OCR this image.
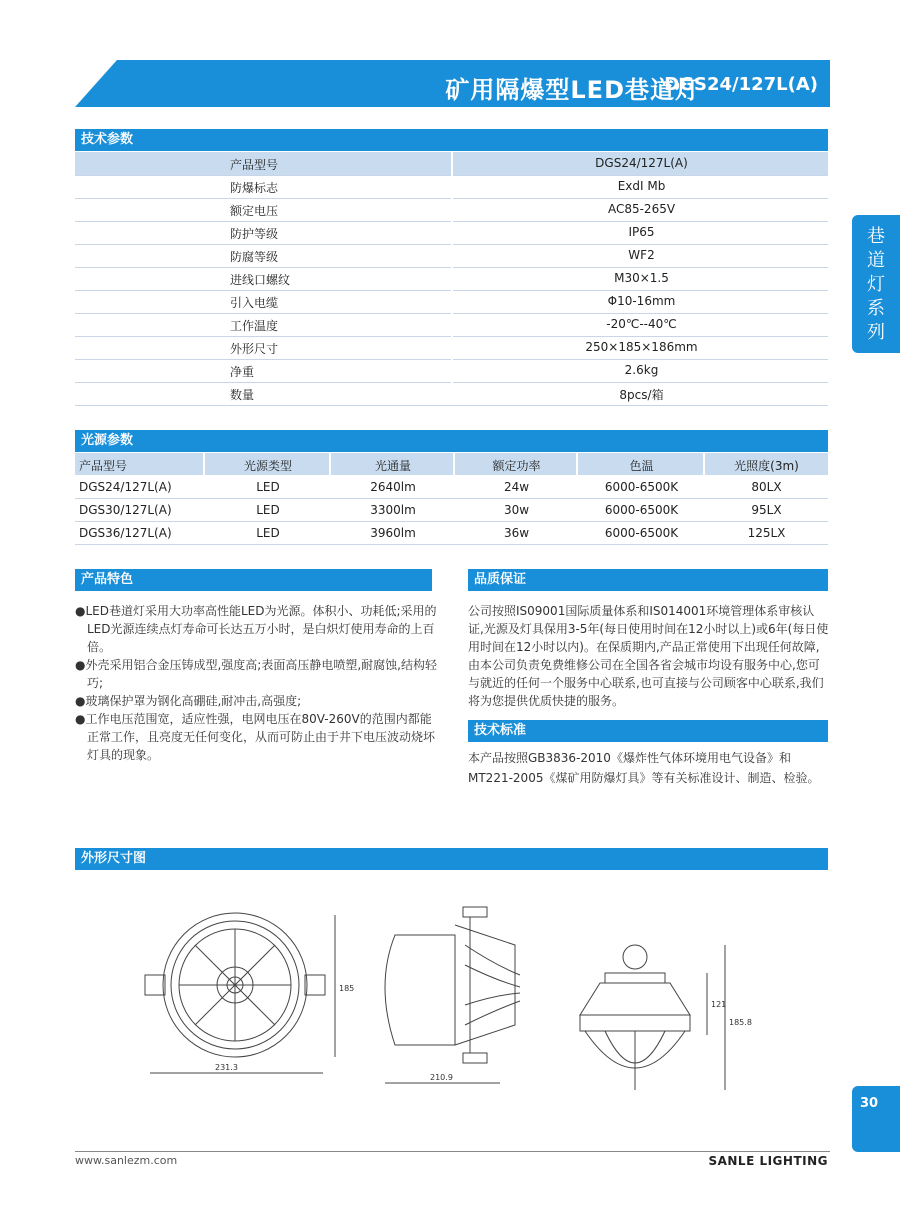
矿用隔爆型LED巷道灯
DGS24/127L(A)
巷道灯系列
30
技术参数
产品型号	DGS24/127L(A)
防爆标志	ExdI Mb
额定电压	AC85-265V
防护等级	IP65
防腐等级	WF2
进线口螺纹	M30×1.5
引入电缆	Φ10-16mm
工作温度	-20℃--40℃
外形尺寸	250×185×186mm
净重	2.6kg
数量	8pcs/箱
光源参数
产品型号	光源类型	光通量	额定功率	色温	光照度(3m)
DGS24/127L(A)	LED	2640lm	24w	6000-6500K	80LX
DGS30/127L(A)	LED	3300lm	30w	6000-6500K	95LX
DGS36/127L(A)	LED	3960lm	36w	6000-6500K	125LX
产品特色
●LED巷道灯采用大功率高性能LED为光源。体积小、功耗低;采用的LED光源连续点灯寿命可长达五万小时，是白炽灯使用寿命的上百倍。
●外壳采用铝合金压铸成型,强度高;表面高压静电喷塑,耐腐蚀,结构轻巧;
●玻璃保护罩为钢化高硼硅,耐冲击,高强度;
●工作电压范围宽，适应性强，电网电压在80V-260V的范围内都能正常工作，且亮度无任何变化，从而可防止由于井下电压波动烧坏灯具的现象。
品质保证
公司按照IS09001国际质量体系和IS014001环境管理体系审核认证,光源及灯具保用3-5年(每日使用时间在12小时以上)或6年(每日使用时间在12小时以内)。在保质期内,产品正常使用下出现任何故障,由本公司负责免费维修公司在全国各省会城市均设有服务中心,您可与就近的任何一个服务中心联系,也可直接与公司顾客中心联系,我们将为您提供优质快捷的服务。
技术标准
本产品按照GB3836-2010《爆炸性气体环境用电气设备》和MT221-2005《煤矿用防爆灯具》等有关标准设计、制造、检验。
外形尺寸图
231.3
185
210.9
121
185.8
www.sanlezm.com	SANLE LIGHTING
